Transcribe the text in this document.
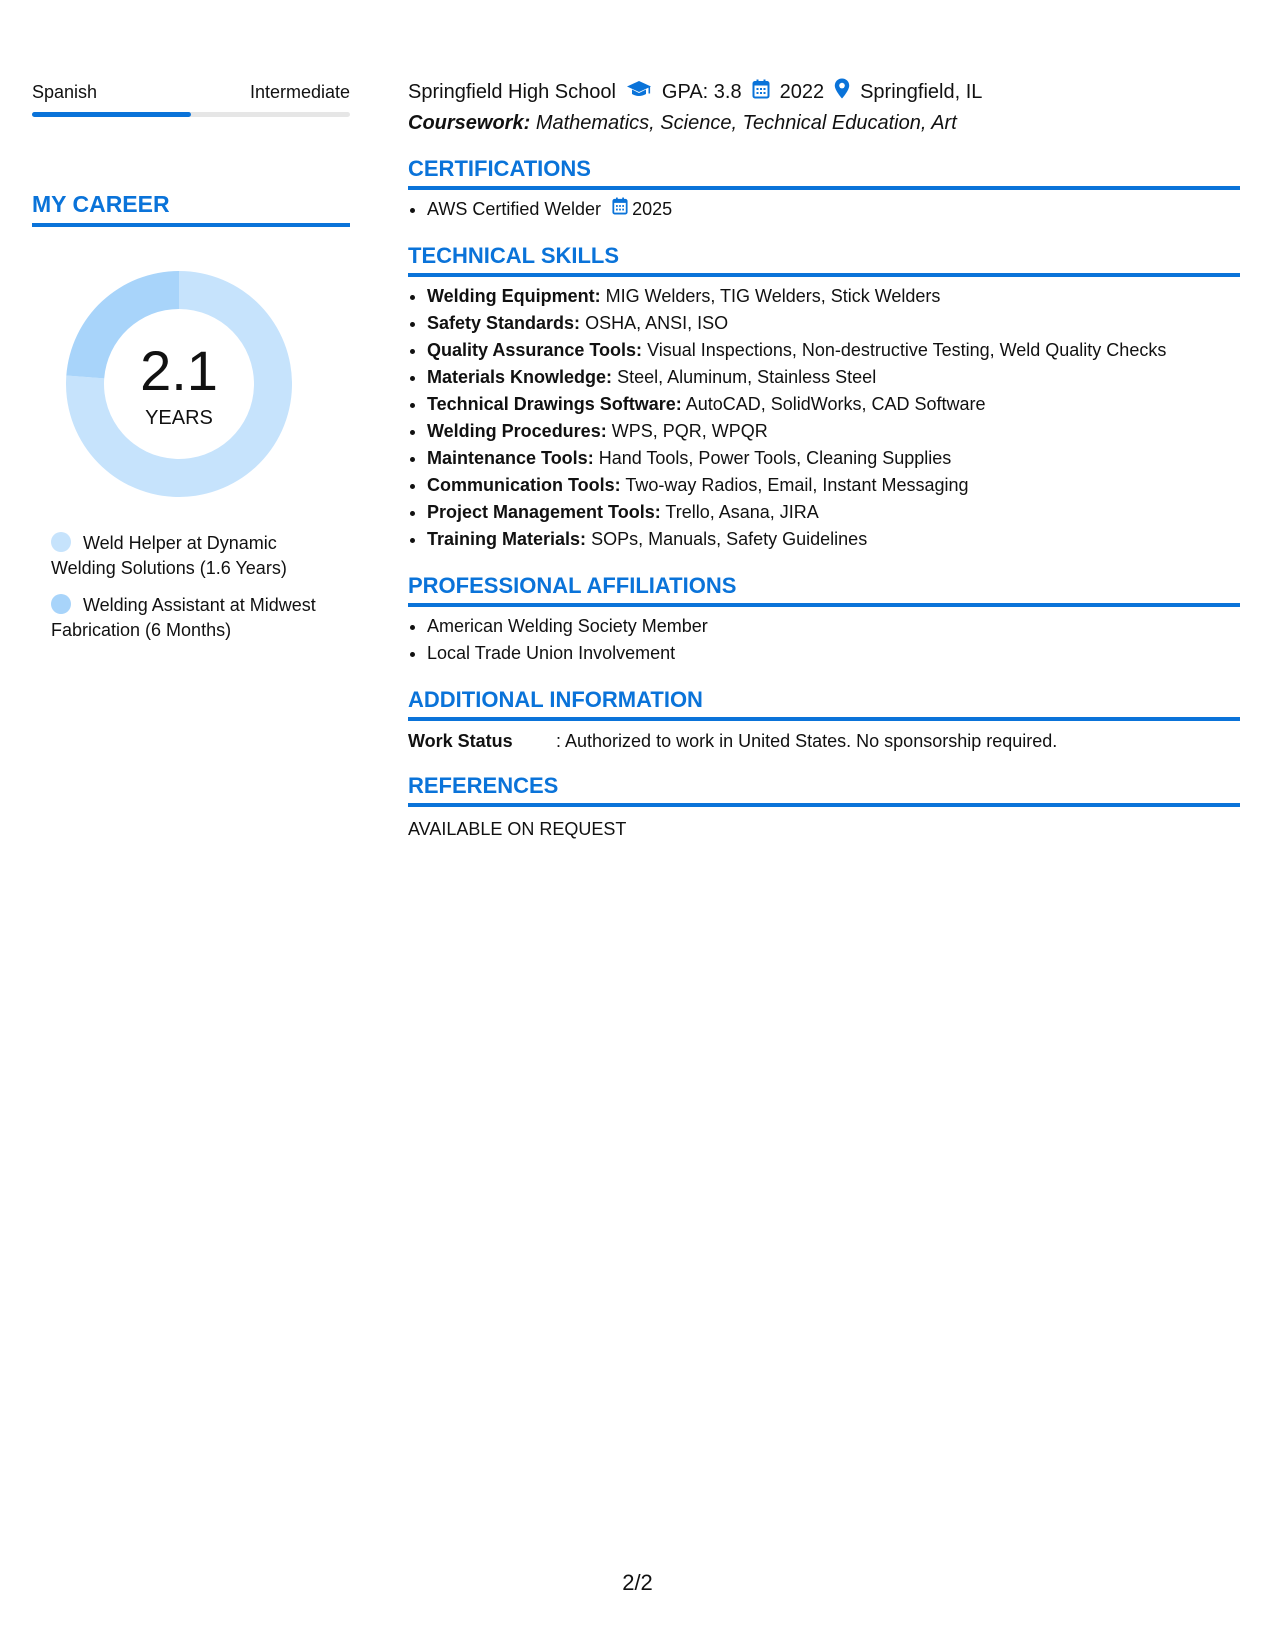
Spanish	Intermediate
MY CAREER
2.1
YEARS
Weld Helper at Dynamic Welding Solutions (1.6 Years)
Welding Assistant at Midwest Fabrication (6 Months)
Springfield High School GPA: 3.8 2022 Springfield, IL
Coursework: Mathematics, Science, Technical Education, Art
CERTIFICATIONS
• AWS Certified Welder 2025
TECHNICAL SKILLS
• Welding Equipment: MIG Welders, TIG Welders, Stick Welders
• Safety Standards: OSHA, ANSI, ISO
• Quality Assurance Tools: Visual Inspections, Non-destructive Testing, Weld Quality Checks
• Materials Knowledge: Steel, Aluminum, Stainless Steel
• Technical Drawings Software: AutoCAD, SolidWorks, CAD Software
• Welding Procedures: WPS, PQR, WPQR
• Maintenance Tools: Hand Tools, Power Tools, Cleaning Supplies
• Communication Tools: Two-way Radios, Email, Instant Messaging
• Project Management Tools: Trello, Asana, JIRA
• Training Materials: SOPs, Manuals, Safety Guidelines
PROFESSIONAL AFFILIATIONS
• American Welding Society Member
• Local Trade Union Involvement
ADDITIONAL INFORMATION
Work Status	: Authorized to work in United States. No sponsorship required.
REFERENCES
AVAILABLE ON REQUEST
2/2
